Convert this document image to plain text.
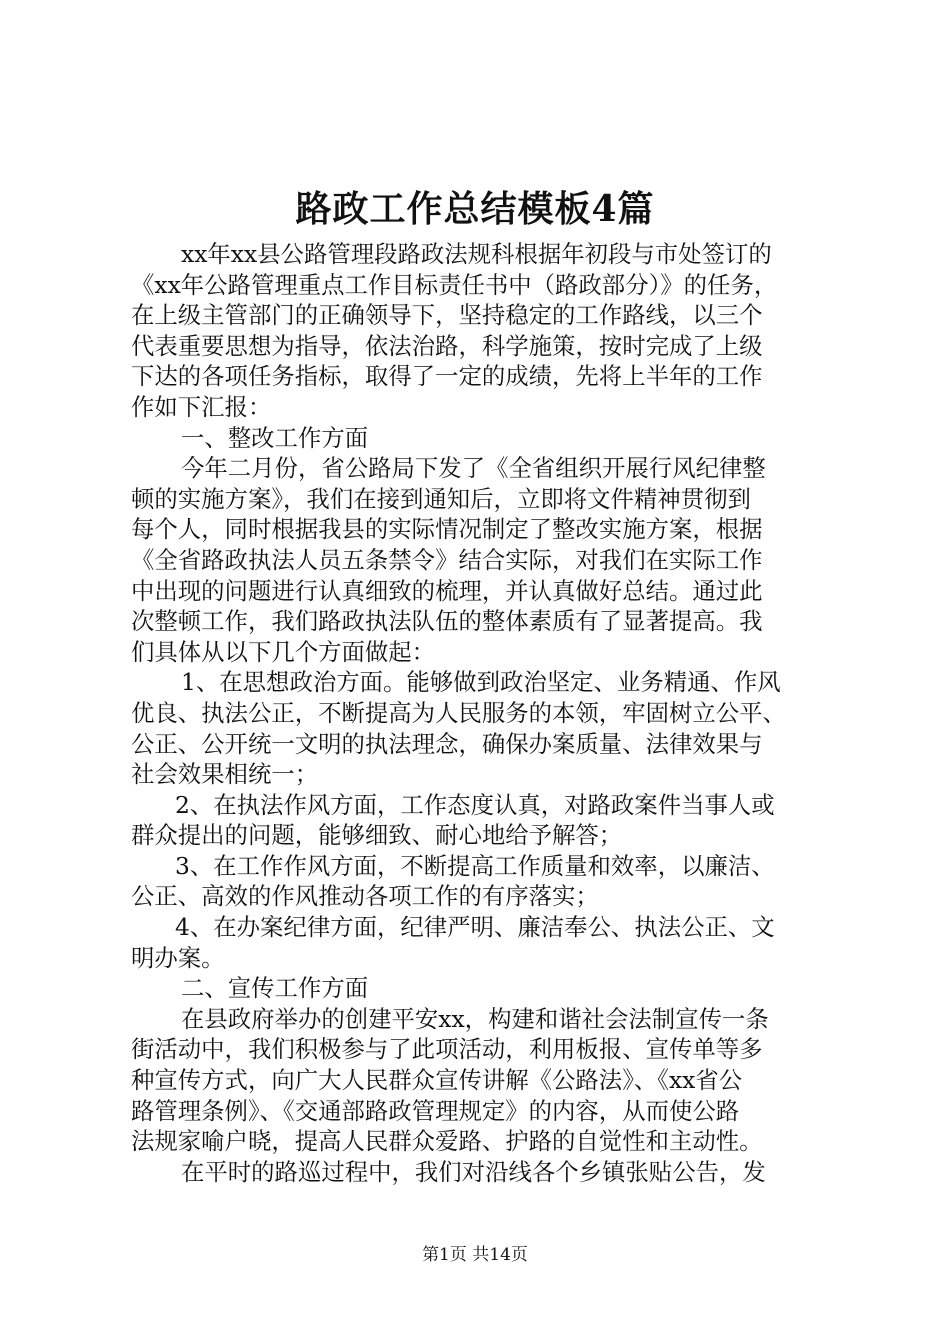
路政工作总结模板4篇
xx年xx县公路管理段路政法规科根据年初段与市处签订的
《xx年公路管理重点工作目标责任书中（路政部分）》的任务，
在上级主管部门的正确领导下，坚持稳定的工作路线，以三个
代表重要思想为指导，依法治路，科学施策，按时完成了上级
下达的各项任务指标，取得了一定的成绩，先将上半年的工作
作如下汇报：
一、整改工作方面
今年二月份，省公路局下发了《全省组织开展行风纪律整
顿的实施方案》，我们在接到通知后，立即将文件精神贯彻到
每个人，同时根据我县的实际情况制定了整改实施方案，根据
《全省路政执法人员五条禁令》结合实际，对我们在实际工作
中出现的问题进行认真细致的梳理，并认真做好总结。通过此
次整顿工作，我们路政执法队伍的整体素质有了显著提高。我
们具体从以下几个方面做起：
1、在思想政治方面。能够做到政治坚定、业务精通、作风
优良、执法公正，不断提高为人民服务的本领，牢固树立公平、
公正、公开统一文明的执法理念，确保办案质量、法律效果与
社会效果相统一；
2、在执法作风方面，工作态度认真，对路政案件当事人或
群众提出的问题，能够细致、耐心地给予解答；
3、在工作作风方面，不断提高工作质量和效率，以廉洁、
公正、高效的作风推动各项工作的有序落实；
4、在办案纪律方面，纪律严明、廉洁奉公、执法公正、文
明办案。
二、宣传工作方面
在县政府举办的创建平安xx，构建和谐社会法制宣传一条
街活动中，我们积极参与了此项活动，利用板报、宣传单等多
种宣传方式，向广大人民群众宣传讲解《公路法》、《xx省公
路管理条例》、《交通部路政管理规定》的内容，从而使公路
法规家喻户晓，提高人民群众爱路、护路的自觉性和主动性。
在平时的路巡过程中，我们对沿线各个乡镇张贴公告，发
第1页 共14页
